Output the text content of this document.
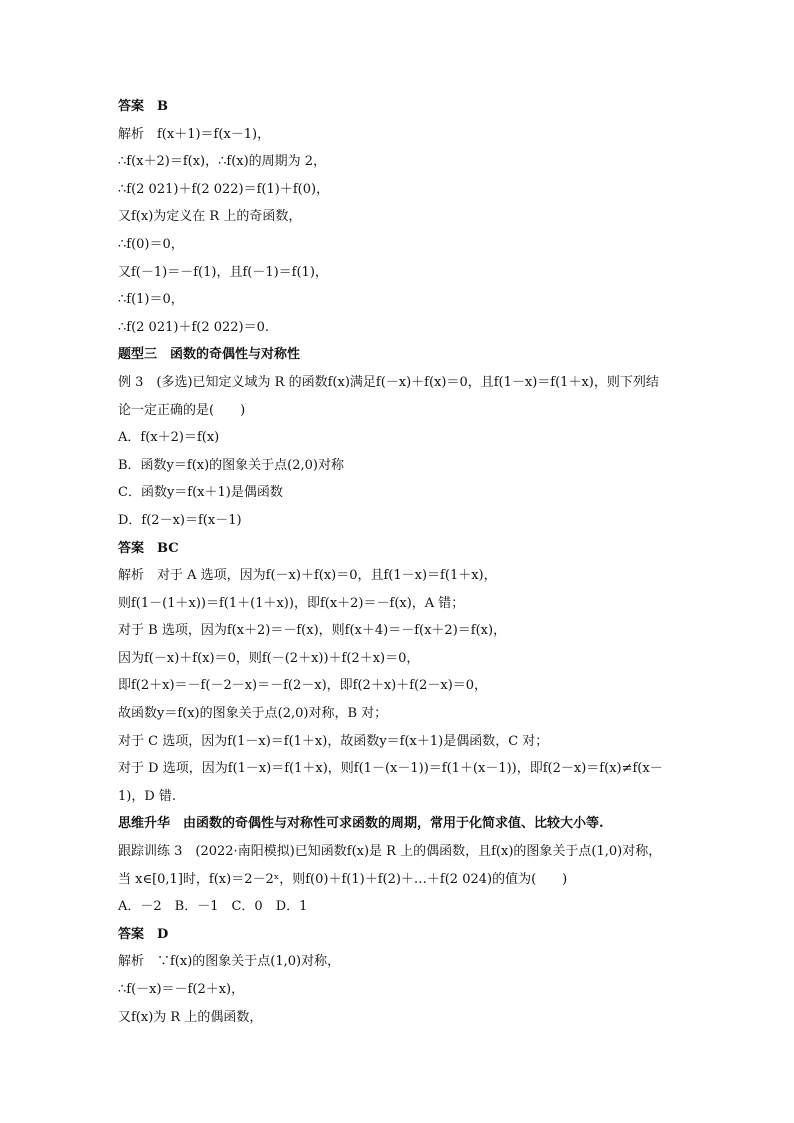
答案　B
解析　f(x＋1)＝f(x－1)，
∴f(x＋2)＝f(x)，∴f(x)的周期为 2，
∴f(2 021)＋f(2 022)＝f(1)＋f(0)，
又f(x)为定义在 R 上的奇函数，
∴f(0)＝0，
又f(－1)＝－f(1)，且f(－1)＝f(1)，
∴f(1)＝0，
∴f(2 021)＋f(2 022)＝0.
题型三　函数的奇偶性与对称性
例 3　(多选)已知定义域为 R 的函数f(x)满足f(－x)＋f(x)＝0，且f(1－x)＝f(1＋x)，则下列结
论一定正确的是(　　)
A．f(x＋2)＝f(x)
B．函数y＝f(x)的图象关于点(2,0)对称
C．函数y＝f(x＋1)是偶函数
D．f(2－x)＝f(x－1)
答案　BC
解析　对于 A 选项，因为f(－x)＋f(x)＝0，且f(1－x)＝f(1＋x)，
则f(1－(1＋x))＝f(1＋(1＋x))，即f(x＋2)＝－f(x)，A 错；
对于 B 选项，因为f(x＋2)＝－f(x)，则f(x＋4)＝－f(x＋2)＝f(x)，
因为f(－x)＋f(x)＝0，则f(－(2＋x))＋f(2＋x)＝0，
即f(2＋x)＝－f(－2－x)＝－f(2－x)，即f(2＋x)＋f(2－x)＝0，
故函数y＝f(x)的图象关于点(2,0)对称，B 对；
对于 C 选项，因为f(1－x)＝f(1＋x)，故函数y＝f(x＋1)是偶函数，C 对；
对于 D 选项，因为f(1－x)＝f(1＋x)，则f(1－(x－1))＝f(1＋(x－1))，即f(2－x)＝f(x)≠f(x－
1)，D 错.
思维升华　由函数的奇偶性与对称性可求函数的周期，常用于化简求值、比较大小等.
跟踪训练 3　(2022·南阳模拟)已知函数f(x)是 R 上的偶函数，且f(x)的图象关于点(1,0)对称，
当 x∈[0,1]时，f(x)＝2－2ˣ，则f(0)＋f(1)＋f(2)＋…＋f(2 024)的值为(　　)
A．－2　B．－1　C．0　D．1
答案　D
解析　∵f(x)的图象关于点(1,0)对称，
∴f(－x)＝－f(2＋x)，
又f(x)为 R 上的偶函数，
